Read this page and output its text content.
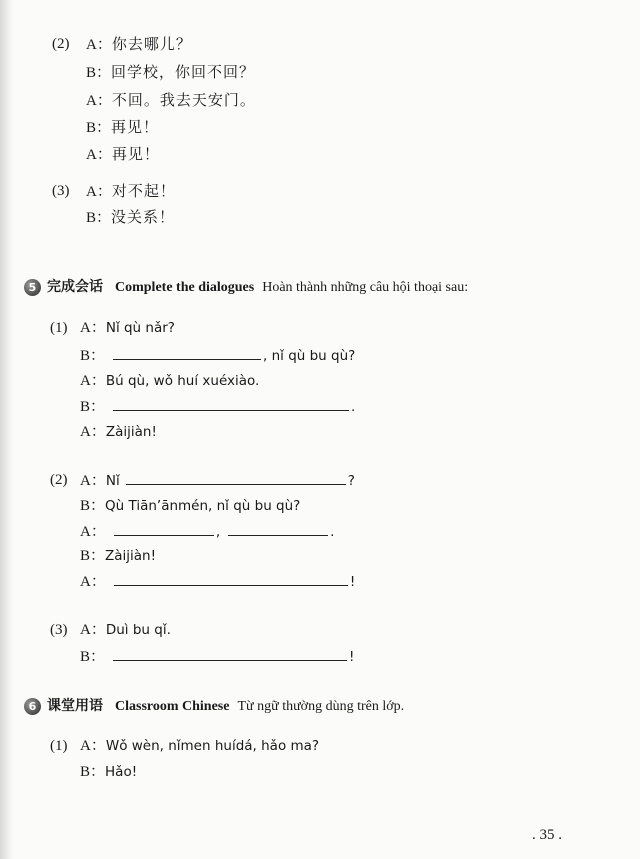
(2) A：你去哪儿？
B：回学校，你回不回？
A：不回。我去天安门。
B：再见！
A：再见！
(3) A：对不起！
B：没关系！
5 完成会话 Complete the dialogues Hoàn thành những câu hội thoại sau:
(1) A：Nǐ qù nǎr?
B：	, nǐ qù bu qù?
A：Bú qù, wǒ huí xuéxiào.
B：	.
A：Zàijiàn!
(2) A：Nǐ	?
B：Qù Tiān’ānmén, nǐ qù bu qù?
A：	,	.
B：Zàijiàn!
A：	!
(3) A：Duì bu qǐ.
B：	!
6 课堂用语 Classroom Chinese Từ ngữ thường dùng trên lớp.
(1) A：Wǒ wèn, nǐmen huídá, hǎo ma?
B：Hǎo!
. 35 .
